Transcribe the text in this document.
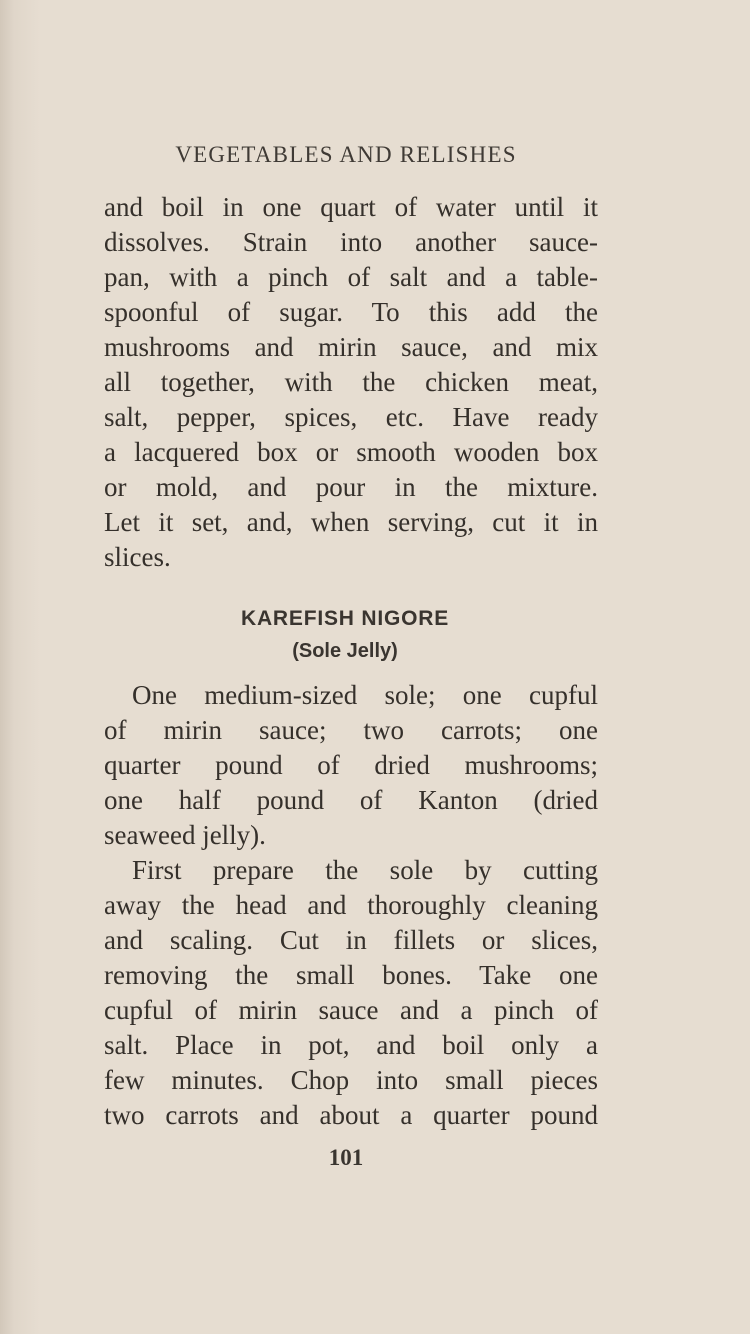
VEGETABLES AND RELISHES
and boil in one quart of water until it
dissolves. Strain into another sauce-
pan, with a pinch of salt and a table-
spoonful of sugar. To this add the
mushrooms and mirin sauce, and mix
all together, with the chicken meat,
salt, pepper, spices, etc. Have ready
a lacquered box or smooth wooden box
or mold, and pour in the mixture.
Let it set, and, when serving, cut it in
slices.
KAREFISH NIGORE
(Sole Jelly)
One medium-sized sole; one cupful
of mirin sauce; two carrots; one
quarter pound of dried mushrooms;
one half pound of Kanton (dried
seaweed jelly).
First prepare the sole by cutting
away the head and thoroughly cleaning
and scaling. Cut in fillets or slices,
removing the small bones. Take one
cupful of mirin sauce and a pinch of
salt. Place in pot, and boil only a
few minutes. Chop into small pieces
two carrots and about a quarter pound
101
